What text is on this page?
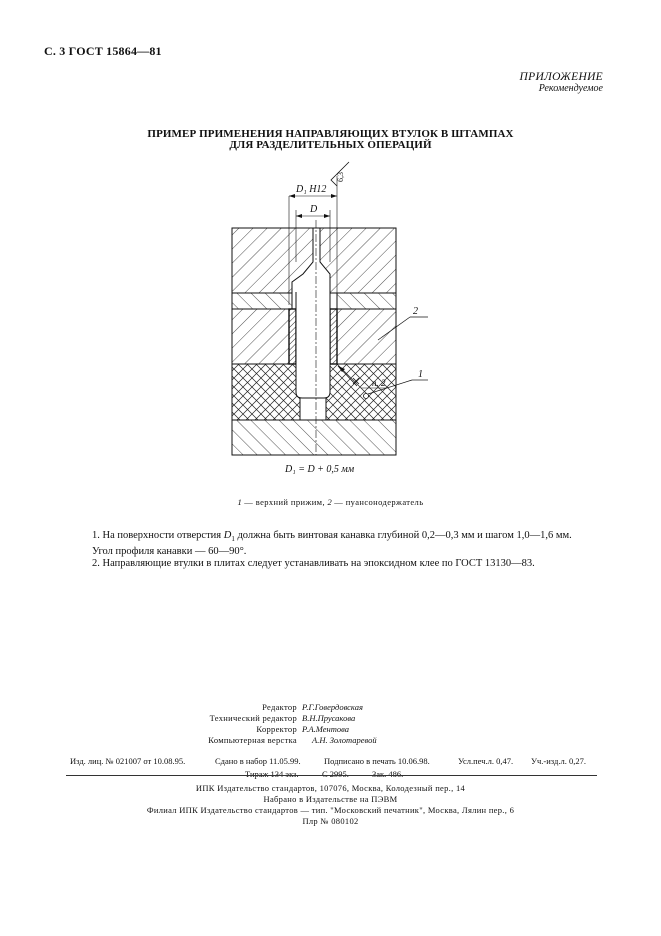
С. 3 ГОСТ 15864—81
ПРИЛОЖЕНИЕ
Рекомендуемое
ПРИМЕР ПРИМЕНЕНИЯ НАПРАВЛЯЮЩИХ ВТУЛОК В ШТАМПАХ
ДЛЯ РАЗДЕЛИТЕЛЬНЫХ ОПЕРАЦИЙ
D₁ H12
D
6,3
2
1
п. 2
D₁ = D + 0,5 мм
1 — верхний прижим, 2 — пуансонодержатель

1. На поверхности отверстия $D_1$ должна быть винтовая канавка глубиной 0,2—0,3 мм и шагом 1,0—1,6 мм.

Угол профиля канавки — 60—90°.

2. Направляющие втулки в плитах следует устанавливать на эпоксидном клее по ГОСТ 13130—83.

Редактор Р.Г.Говердовская
Технический редактор В.Н.Прусакова
Корректор Р.А.Ментова
Компьютерная верстка А.Н. Золотаревой
Изд. лиц. № 021007 от 10.08.95.	Сдано в набор 11.05.99.	Подписано в печать 10.06.98.	Усл.печ.л. 0,47. Уч.-изд.л. 0,27.
Тираж 134 экз.	С 2995.	Зак. 486.

ИПК Издательство стандартов, 107076, Москва, Колодезный пер., 14

Набрано в Издательстве на ПЭВМ

Филиал ИПК Издательство стандартов — тип. "Московский печатник", Москва, Лялин пер., 6

Плр № 080102
